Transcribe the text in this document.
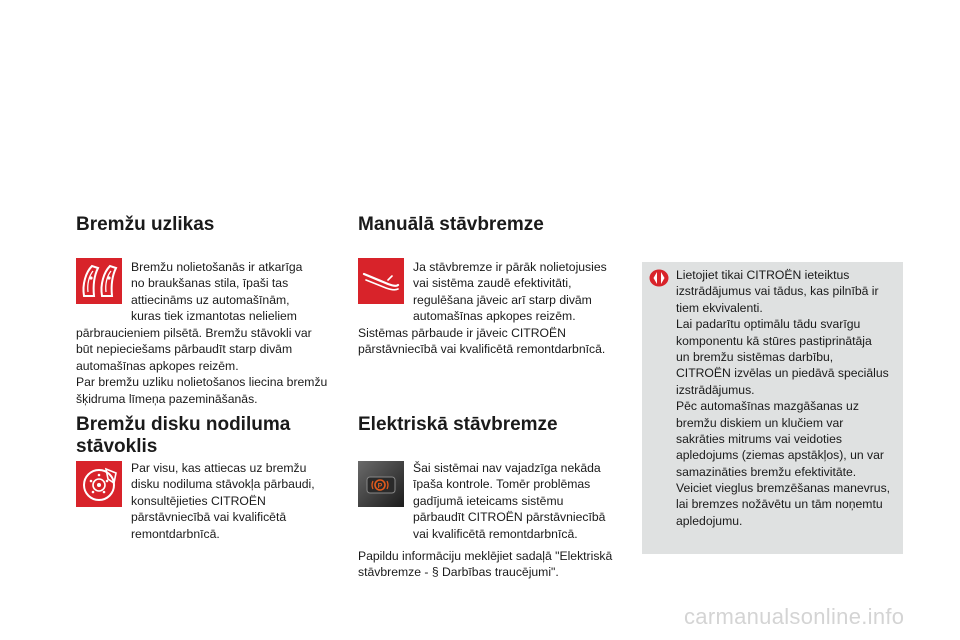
Bremžu uzlikas
Bremžu nolietošanās ir atkarīga
no braukšanas stila, īpaši tas
attiecināms uz automašīnām,
kuras tiek izmantotas nelieliem
pārbraucieniem pilsētā. Bremžu stāvokli var
būt nepieciešams pārbaudīt starp divām
automašīnas apkopes reizēm.
Par bremžu uzliku nolietošanos liecina bremžu
šķidruma līmeņa pazemināšanās.
Bremžu disku nodiluma
stāvoklis
Par visu, kas attiecas uz bremžu
disku nodiluma stāvokļa pārbaudi,
konsultējieties CITROËN
pārstāvniecībā vai kvalificētā
remontdarbnīcā.
Manuālā stāvbremze
Ja stāvbremze ir pārāk nolietojusies
vai sistēma zaudē efektivitāti,
regulēšana jāveic arī starp divām
automašīnas apkopes reizēm.
Sistēmas pārbaude ir jāveic CITROËN
pārstāvniecībā vai kvalificētā remontdarbnīcā.
Elektriskā stāvbremze
P
Šai sistēmai nav vajadzīga nekāda
īpaša kontrole. Tomēr problēmas
gadījumā ieteicams sistēmu
pārbaudīt CITROËN pārstāvniecībā
vai kvalificētā remontdarbnīcā.
Papildu informāciju meklējiet sadaļā "Elektriskā
stāvbremze - § Darbības traucējumi".
Lietojiet tikai CITROËN ieteiktus
izstrādājumus vai tādus, kas pilnībā ir
tiem ekvivalenti.
Lai padarītu optimālu tādu svarīgu
komponentu kā stūres pastiprinātāja
un bremžu sistēmas darbību,
CITROËN izvēlas un piedāvā speciālus
izstrādājumus.
Pēc automašīnas mazgāšanas uz
bremžu diskiem un klučiem var
sakrāties mitrums vai veidoties
apledojums (ziemas apstākļos), un var
samazināties bremžu efektivitāte.
Veiciet vieglus bremzēšanas manevrus,
lai bremzes nožāvētu un tām noņemtu
apledojumu.
carmanualsonline.info
